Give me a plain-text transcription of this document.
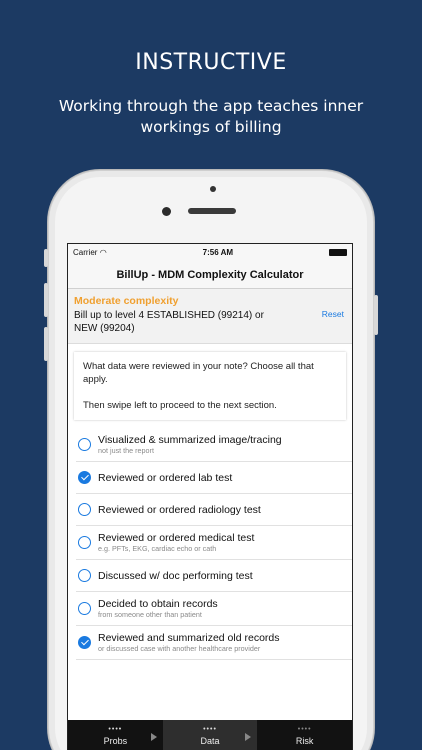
INSTRUCTIVE
Working through the app teaches inner workings of billing
Carrier ◠	7:56 AM
BillUp - MDM Complexity Calculator
Moderate complexity
Bill up to level 4 ESTABLISHED (99214) or NEW (99204)
Reset

What data were reviewed in your note? Choose all that apply.

Then swipe left to proceed to the next section.

Visualized & summarized image/tracing
not just the report
Reviewed or ordered lab test
Reviewed or ordered radiology test
Reviewed or ordered medical test
e.g. PFTs, EKG, cardiac echo or cath
Discussed w/ doc performing test
Decided to obtain records
from someone other than patient
Reviewed and summarized old records
or discussed case with another healthcare provider
••••
Probs
••••
Data
••••
Risk
